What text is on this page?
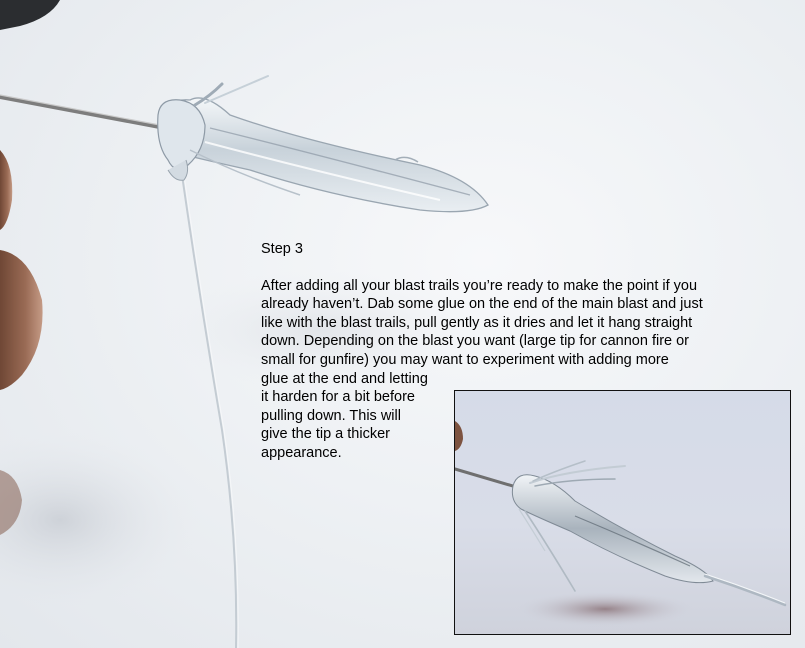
Step 3

After adding all your blast trails you’re ready to make the point if you

already haven’t. Dab some glue on the end of the main blast and just

like with the blast trails, pull gently as it dries and let it hang straight

down. Depending on the blast you want (large tip for cannon fire or

small for gunfire) you may want to experiment with adding more

glue at the end and letting

it harden for a bit before

pulling down. This will

give the tip a thicker

appearance.
